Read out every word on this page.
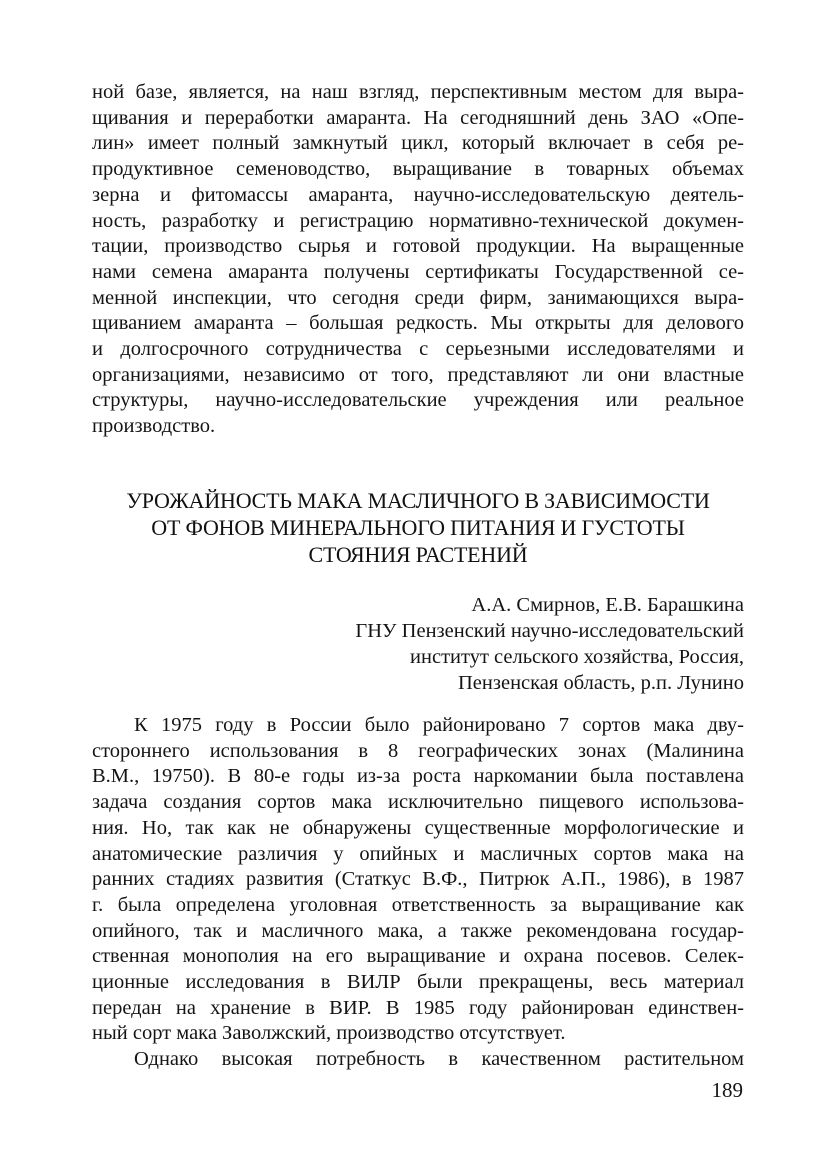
ной базе, является, на наш взгляд, перспективным местом для выра-
щивания и переработки амаранта. На сегодняшний день ЗАО «Опе-
лин» имеет полный замкнутый цикл, который включает в себя ре-
продуктивное семеноводство, выращивание в товарных объемах
зерна и фитомассы амаранта, научно-исследовательскую деятель-
ность, разработку и регистрацию нормативно-технической докумен-
тации, производство сырья и готовой продукции. На выращенные
нами семена амаранта получены сертификаты Государственной се-
менной инспекции, что сегодня среди фирм, занимающихся выра-
щиванием амаранта – большая редкость. Мы открыты для делового
и долгосрочного сотрудничества с серьезными исследователями и
организациями, независимо от того, представляют ли они властные
структуры, научно-исследовательские учреждения или реальное
производство.
УРОЖАЙНОСТЬ МАКА МАСЛИЧНОГО В ЗАВИСИМОСТИ
ОТ ФОНОВ МИНЕРАЛЬНОГО ПИТАНИЯ И ГУСТОТЫ
СТОЯНИЯ РАСТЕНИЙ
А.А. Смирнов, Е.В. Барашкина
ГНУ Пензенский научно-исследовательский
институт сельского хозяйства, Россия,
Пензенская область, р.п. Лунино
К 1975 году в России было районировано 7 сортов мака дву-
стороннего использования в 8 географических зонах (Малинина
В.М., 19750). В 80-е годы из-за роста наркомании была поставлена
задача создания сортов мака исключительно пищевого использова-
ния. Но, так как не обнаружены существенные морфологические и
анатомические различия у опийных и масличных сортов мака на
ранних стадиях развития (Статкус В.Ф., Питрюк А.П., 1986), в 1987
г. была определена уголовная ответственность за выращивание как
опийного, так и масличного мака, а также рекомендована государ-
ственная монополия на его выращивание и охрана посевов. Селек-
ционные исследования в ВИЛР были прекращены, весь материал
передан на хранение в ВИР. В 1985 году районирован единствен-
ный сорт мака Заволжский, производство отсутствует.
Однако высокая потребность в качественном растительном
189
